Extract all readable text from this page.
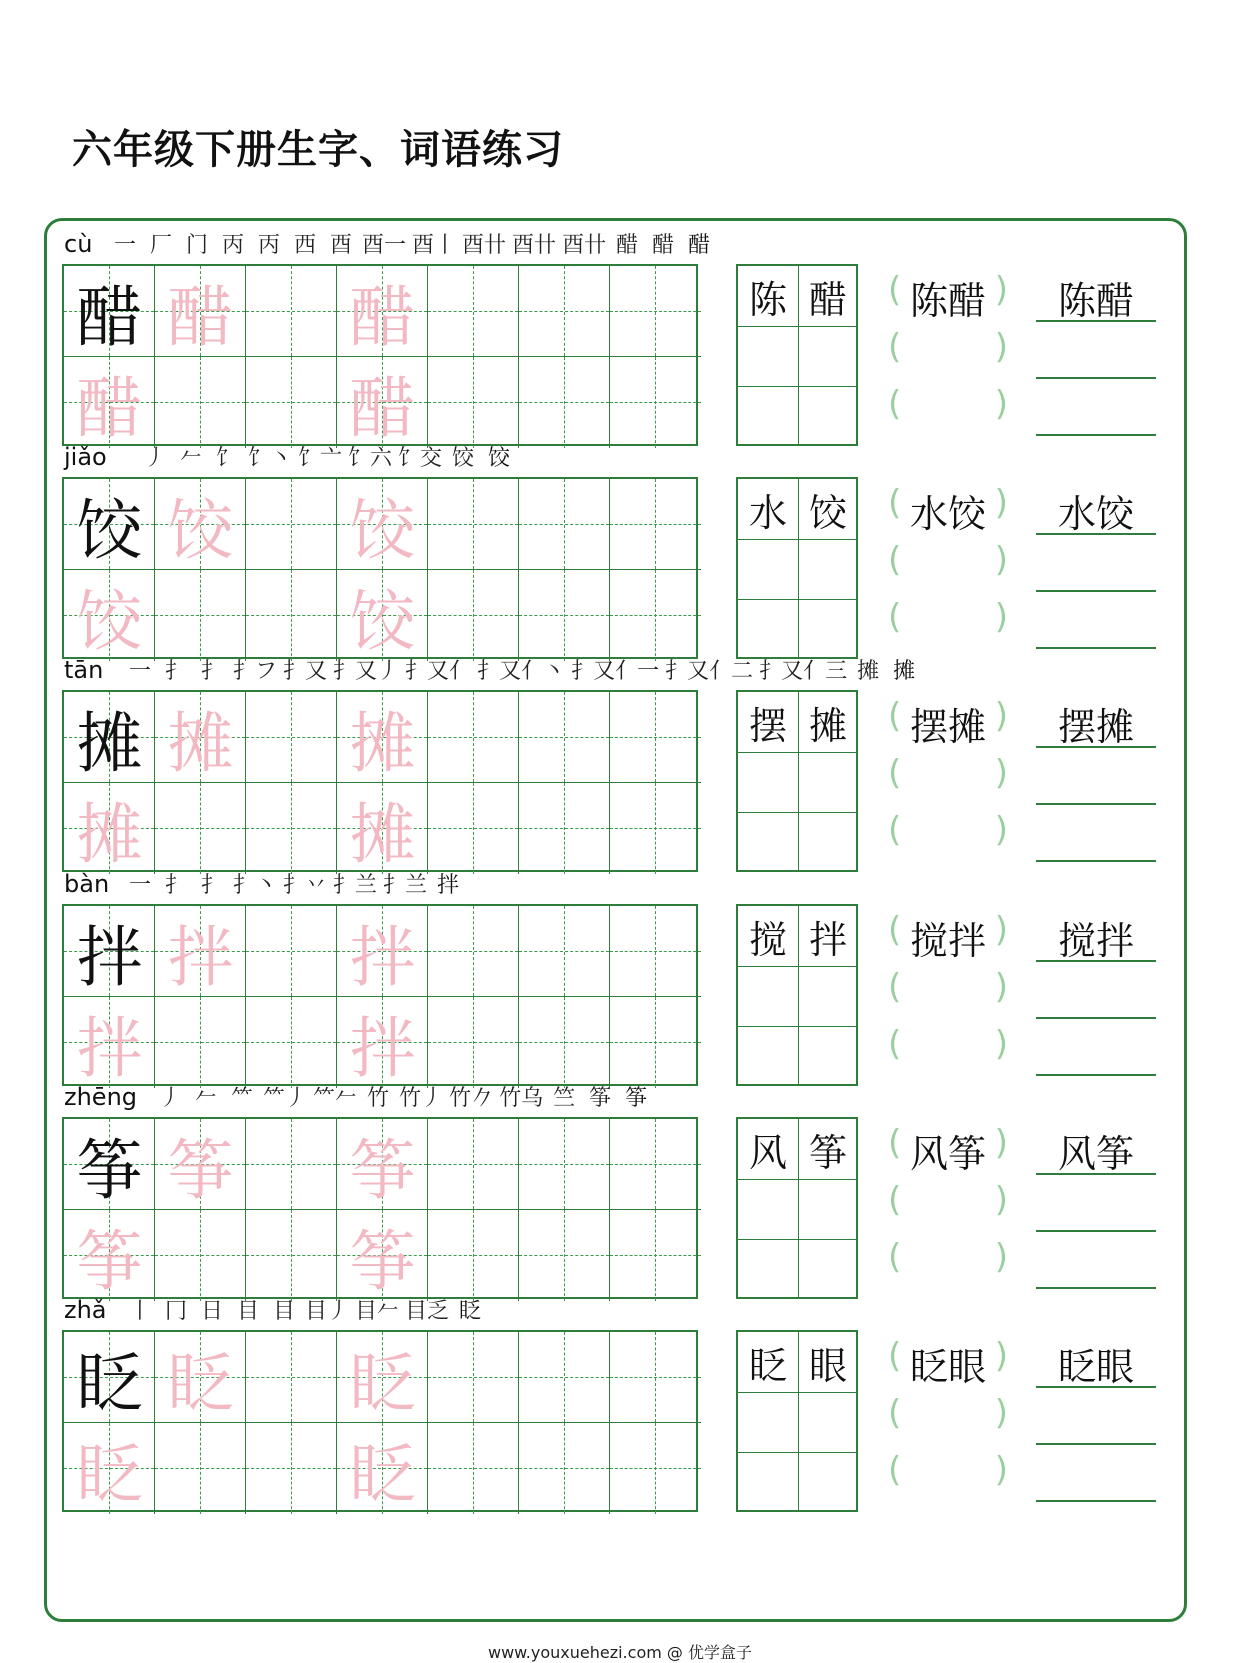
六年级下册生字、词语练习
cù 一 厂 门 丙 丙 西 酉 酉一 酉丨 酉卄 酉卄 酉卄 醋 醋 醋
醋 醋 醋
醋	醋
陈 醋	(	)
陈醋
(	)
(	)
陈醋
jiǎo 丿 𠂉 饣 饣丶 饣亠 饣六 饣交 饺 饺
饺 饺 饺
饺	饺
水 饺	(	)
水饺
(	)
(	)
水饺
tān 一 扌 扌 扌フ 扌又 扌又丿 扌又亻 扌又亻丶 扌又亻一 扌又亻二 扌又亻三 摊 摊
摊 摊 摊
摊	摊
摆 摊	(	)
摆摊
(	)
(	)
摆摊
bàn 一 扌 扌 扌丶 扌丷 扌兰 扌兰 拌
拌 拌 拌
拌	拌
搅 拌	(	)
搅拌
(	)
(	)
搅拌
zhēng 丿 𠂉 ⺮ ⺮丿 ⺮𠂉 竹 竹丿 竹𠂊 竹乌 竺 筝 筝
筝 筝 筝
筝	筝
风 筝	(	)
风筝
(	)
(	)
风筝
zhǎ 丨 冂 日 目 目 目丿 目𠂉 目乏 眨
眨 眨 眨
眨	眨
眨 眼	(	)
眨眼
(	)
(	)
眨眼
www.youxuehezi.com @ 优学盒子
